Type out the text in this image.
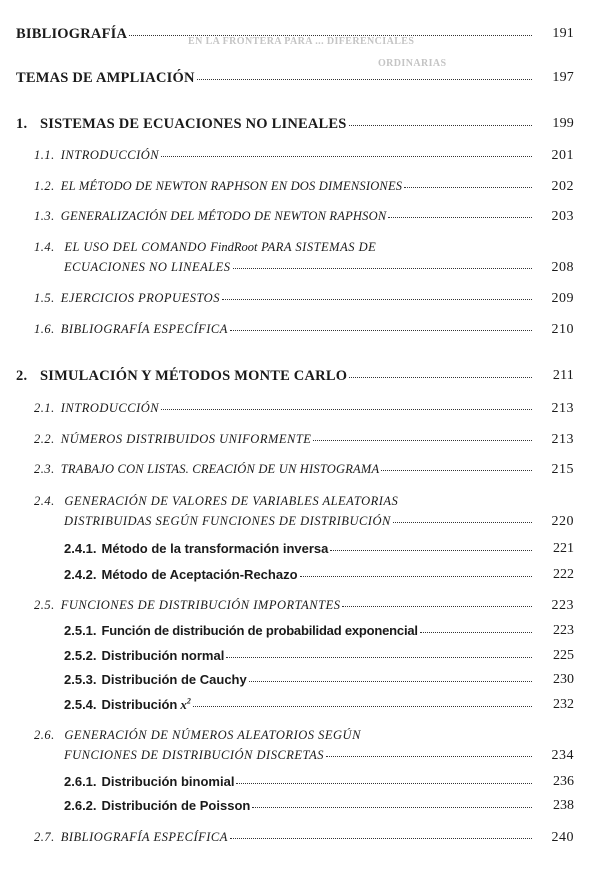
EN LA FRONTERA PARA ... DIFERENCIALES
ORDINARIAS
BIBLIOGRAFÍA	191
TEMAS DE AMPLIACIÓN	197
1. SISTEMAS DE ECUACIONES NO LINEALES	199
1.1. INTRODUCCIÓN	201
1.2. EL MÉTODO DE NEWTON RAPHSON EN DOS DIMENSIONES	202
1.3. GENERALIZACIÓN DEL MÉTODO DE NEWTON RAPHSON	203
1.4. EL USO DEL COMANDO FindRoot PARA SISTEMAS DE
ECUACIONES NO LINEALES	208
1.5. EJERCICIOS PROPUESTOS	209
1.6. BIBLIOGRAFÍA ESPECÍFICA	210
2. SIMULACIÓN Y MÉTODOS MONTE CARLO	211
2.1. INTRODUCCIÓN	213
2.2. NÚMEROS DISTRIBUIDOS UNIFORMENTE	213
2.3. TRABAJO CON LISTAS. CREACIÓN DE UN HISTOGRAMA	215
2.4. GENERACIÓN DE VALORES DE VARIABLES ALEATORIAS
DISTRIBUIDAS SEGÚN FUNCIONES DE DISTRIBUCIÓN	220
2.4.1. Método de la transformación inversa	221
2.4.2. Método de Aceptación-Rechazo	222
2.5. FUNCIONES DE DISTRIBUCIÓN IMPORTANTES	223
2.5.1. Función de distribución de probabilidad exponencial	223
2.5.2. Distribución normal	225
2.5.3. Distribución de Cauchy	230
2.5.4. Distribución $x^2$	232
2.6. GENERACIÓN DE NÚMEROS ALEATORIOS SEGÚN
FUNCIONES DE DISTRIBUCIÓN DISCRETAS	234
2.6.1. Distribución binomial	236
2.6.2. Distribución de Poisson	238
2.7. BIBLIOGRAFÍA ESPECÍFICA	240
